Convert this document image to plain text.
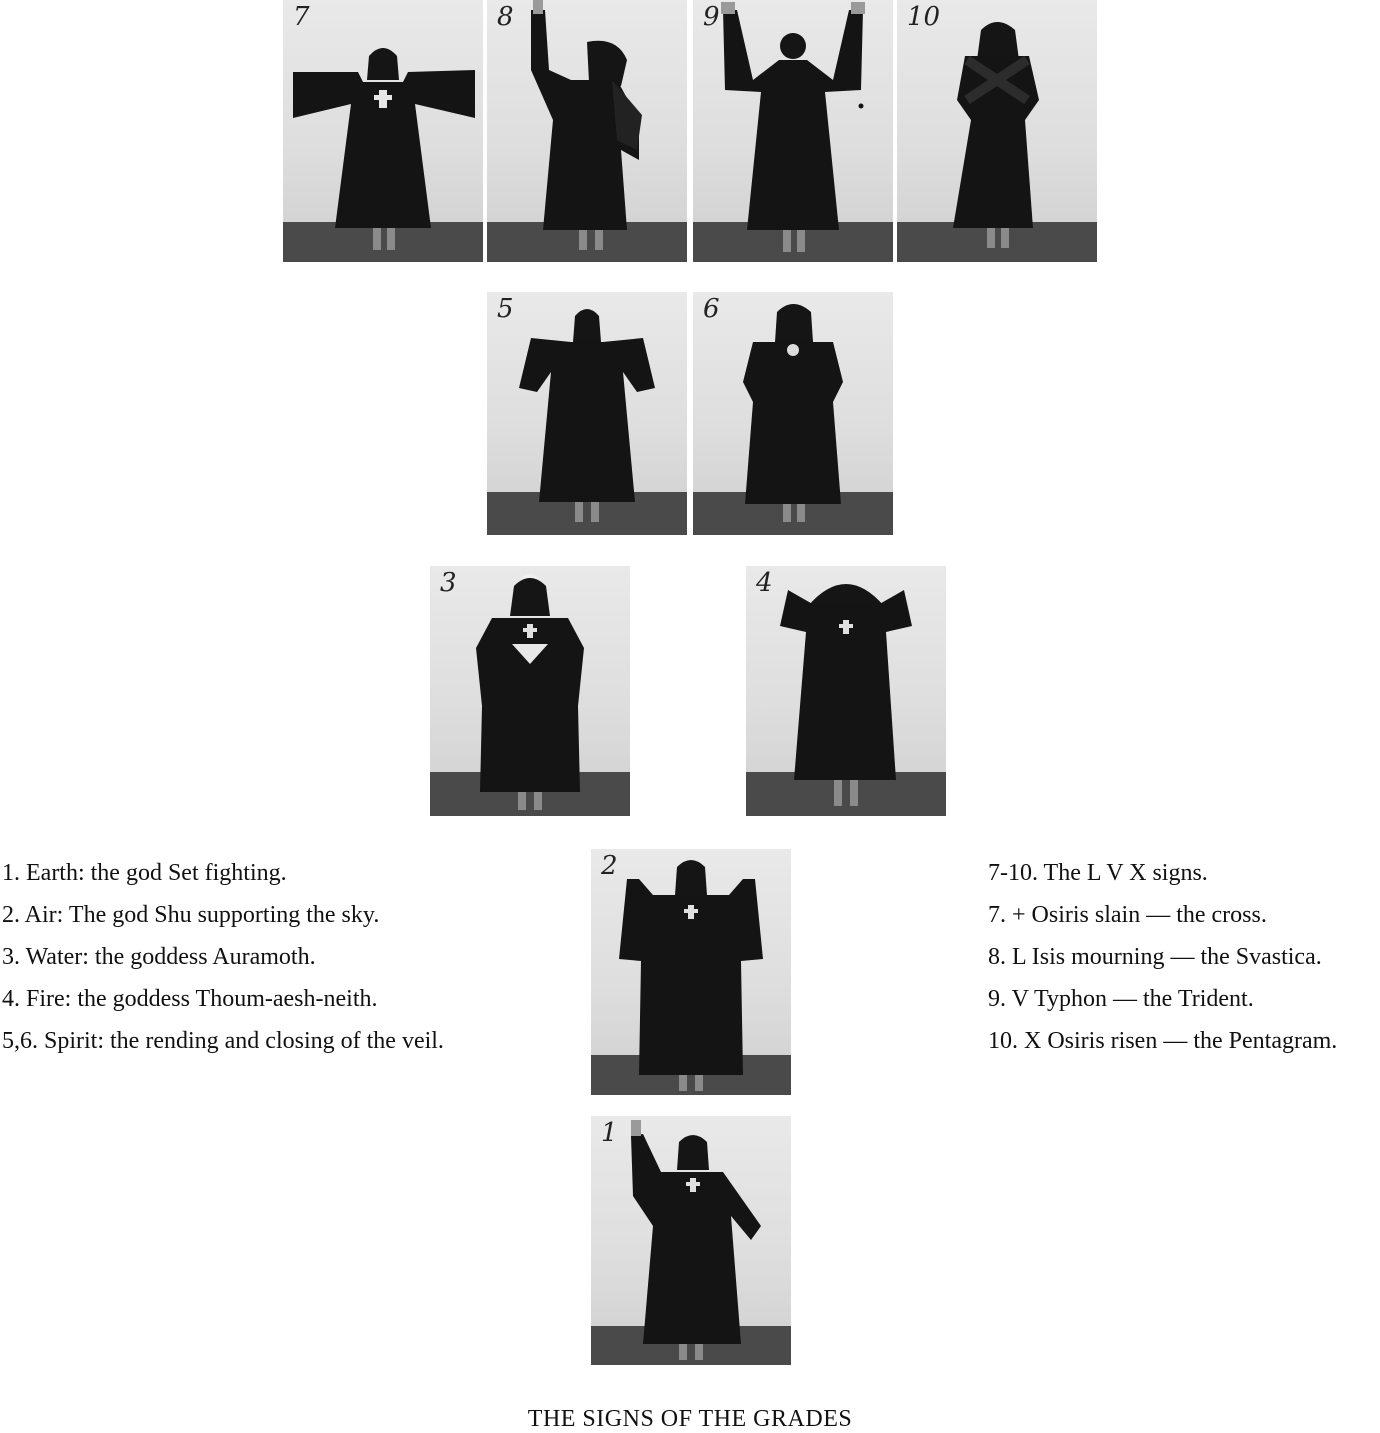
7	8	9	10
5	6
3	4
2
1
1. Earth: the god Set fighting.
2. Air: The god Shu supporting the sky.
3. Water: the goddess Auramoth.
4. Fire: the goddess Thoum-aesh-neith.
5,6. Spirit: the rending and closing of the veil.
7-10. The L V X signs.
7. + Osiris slain — the cross.
8. L Isis mourning — the Svastica.
9. V Typhon — the Trident.
10. X Osiris risen — the Pentagram.
THE SIGNS OF THE GRADES
